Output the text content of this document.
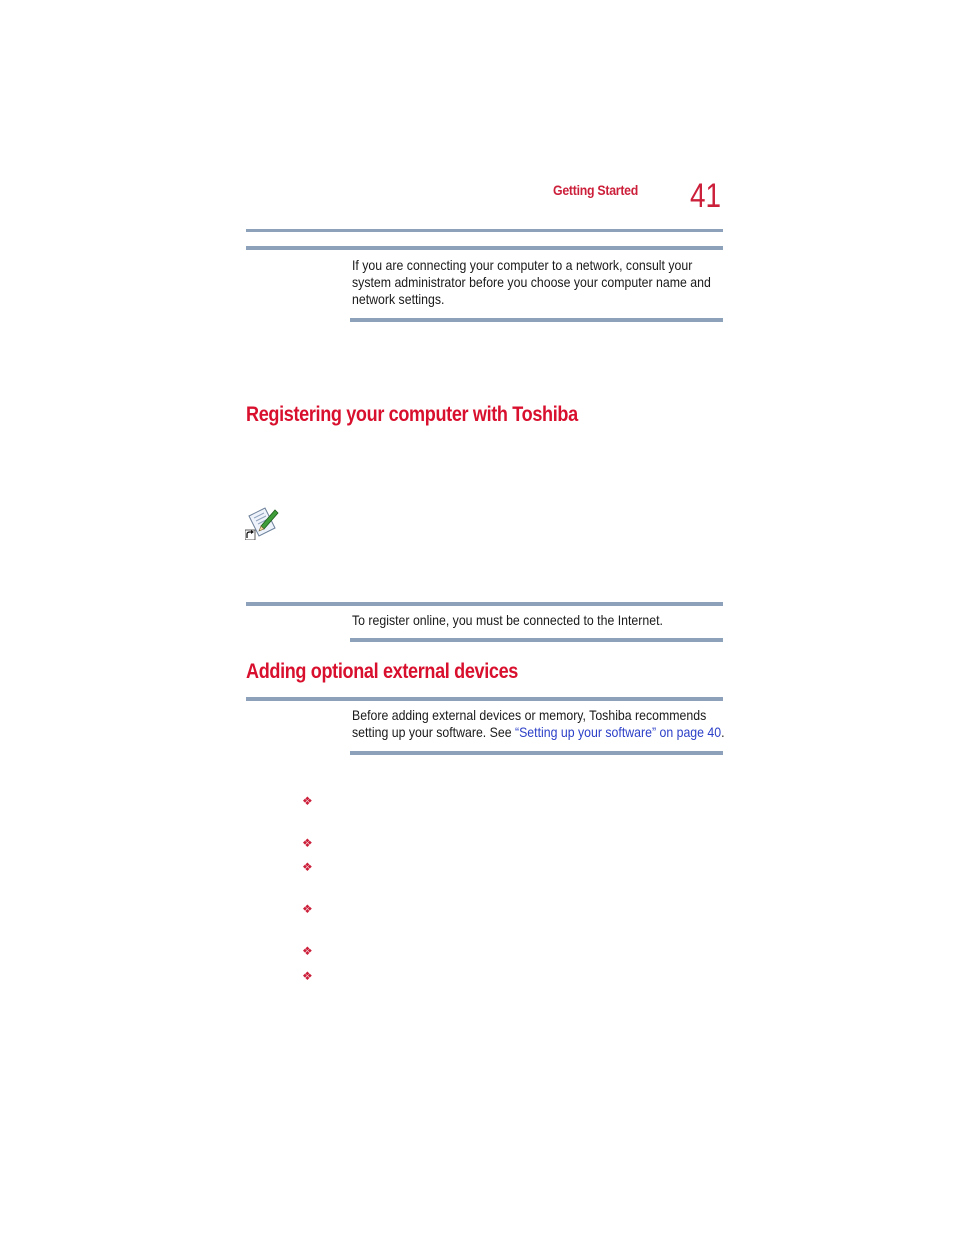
Getting Started 41
If you are connecting your computer to a network, consult your
system administrator before you choose your computer name and
network settings.
Registering your computer with Toshiba
To register online, you must be connected to the Internet.
Adding optional external devices
Before adding external devices or memory, Toshiba recommends
setting up your software. See “Setting up your software” on page 40.
❖
❖
❖
❖
❖
❖
